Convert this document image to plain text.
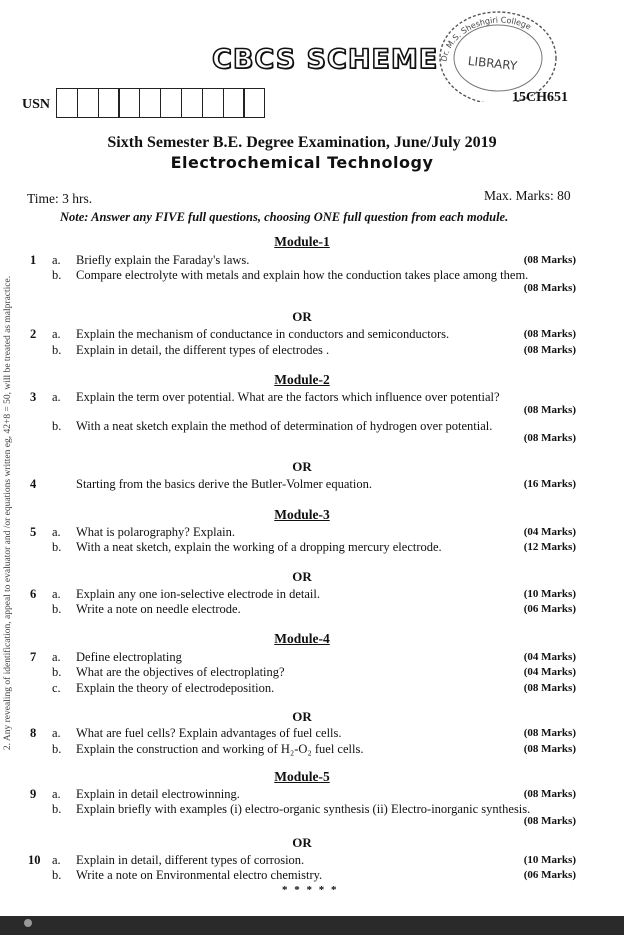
CBCS SCHEME
USN
Dr. M.S. Sheshgiri College
LIBRARY
15CH651
Sixth Semester B.E. Degree Examination, June/July 2019
Electrochemical Technology
Time: 3 hrs.	Max. Marks: 80
Note: Answer any FIVE full questions, choosing ONE full question from each module.
Module-1
1 a. Briefly explain the Faraday's laws.	(08 Marks)
b. Compare electrolyte with metals and explain how the conduction takes place among them.
(08 Marks)
OR
2 a. Explain the mechanism of conductance in conductors and semiconductors.	(08 Marks)
b. Explain in detail, the different types of electrodes .	(08 Marks)
Module-2
3 a. Explain the term over potential. What are the factors which influence over potential?
(08 Marks)
b. With a neat sketch explain the method of determination of hydrogen over potential.
(08 Marks)
OR
4	Starting from the basics derive the Butler-Volmer equation.	(16 Marks)
Module-3
5 a. What is polarography? Explain.	(04 Marks)
b. With a neat sketch, explain the working of a dropping mercury electrode.	(12 Marks)
OR
6 a. Explain any one ion-selective electrode in detail.	(10 Marks)
b. Write a note on needle electrode.	(06 Marks)
Module-4
7 a. Define electroplating	(04 Marks)
b. What are the objectives of electroplating?	(04 Marks)
c. Explain the theory of electrodeposition.	(08 Marks)
OR
8 a. What are fuel cells? Explain advantages of fuel cells.	(08 Marks)
b. Explain the construction and working of H₂-O₂ fuel cells.	(08 Marks)
Module-5
9 a. Explain in detail electrowinning.	(08 Marks)
b. Explain briefly with examples (i) electro-organic synthesis (ii) Electro-inorganic synthesis.
(08 Marks)
OR
10 a. Explain in detail, different types of corrosion.	(10 Marks)
b. Write a note on Environmental electro chemistry.	(06 Marks)
* * * * *
2. Any revealing of identification, appeal to evaluator and /or equations written eg, 42+8 = 50, will be treated as malpractice.
